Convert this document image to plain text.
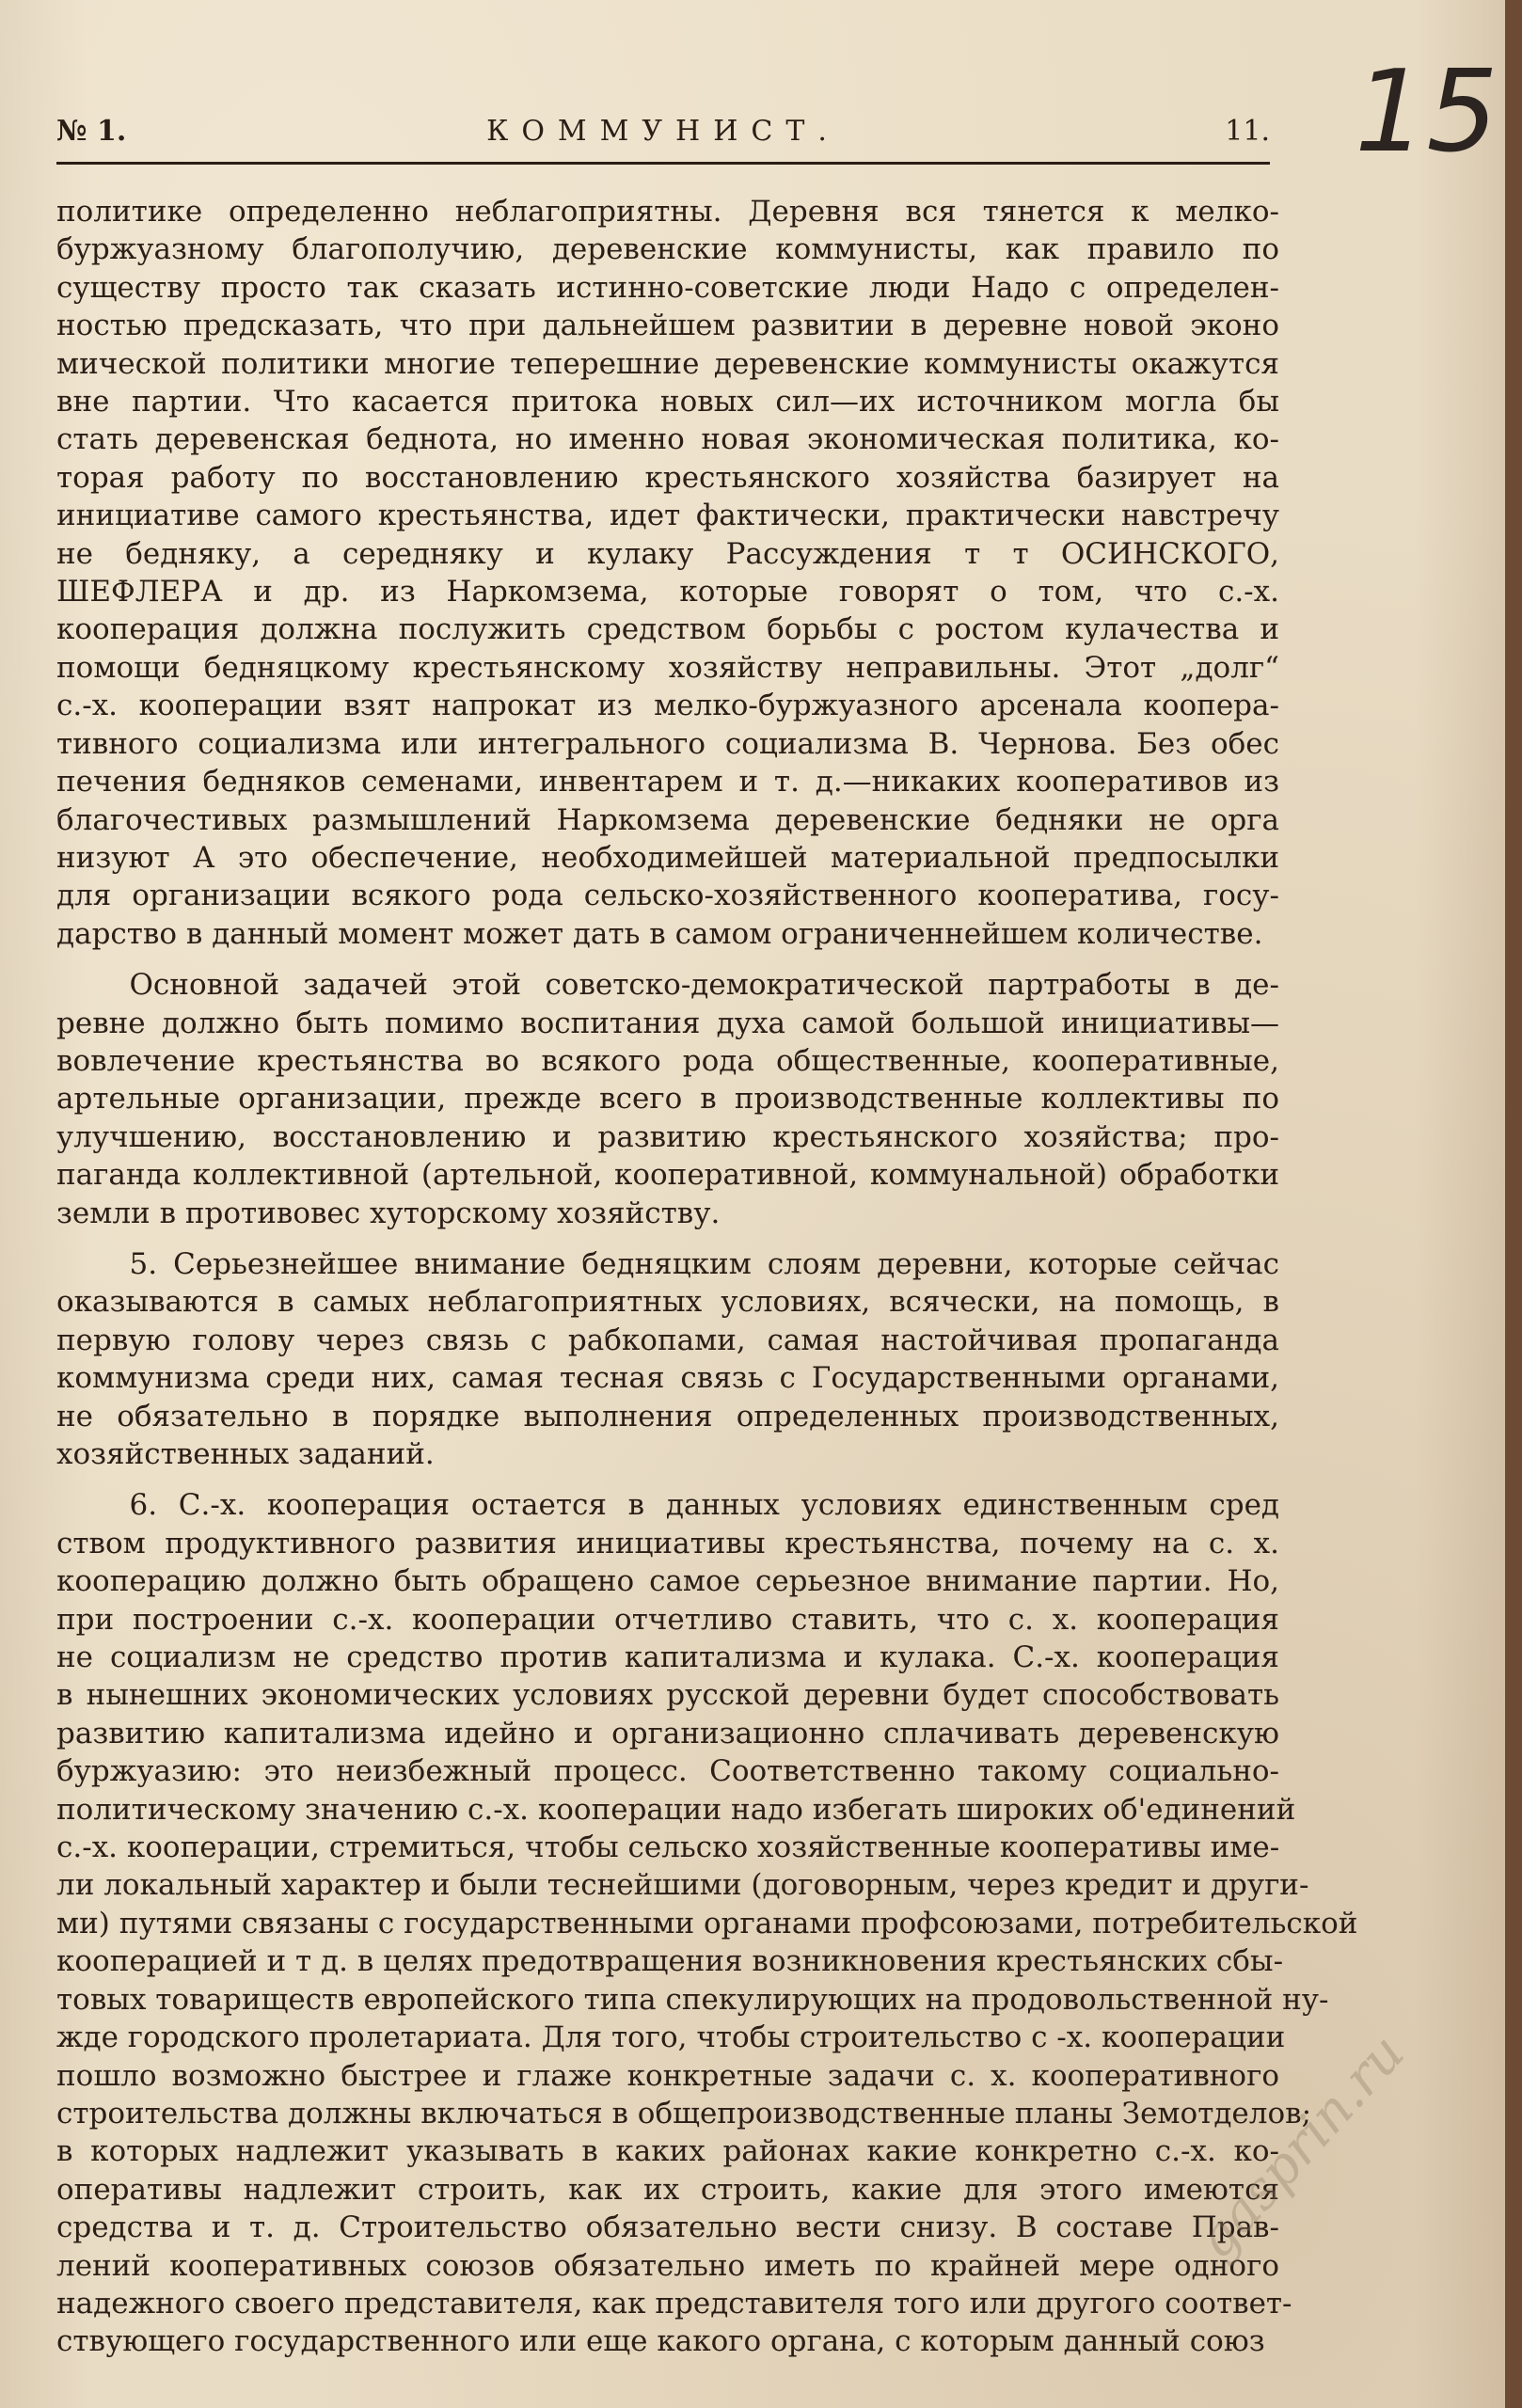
№ 1.	КОММУНИСТ.	11. 15
политике определенно неблагоприятны. Деревня вся тянется к мелко-
буржуазному благополучию, деревенские коммунисты, как правило по
существу просто так сказать истинно-советские люди Надо с определен-
ностью предсказать, что при дальнейшем развитии в деревне новой эконо
мической политики многие теперешние деревенские коммунисты окажутся
вне партии. Что касается притока новых сил—их источником могла бы
стать деревенская беднота, но именно новая экономическая политика, ко-
торая работу по восстановлению крестьянского хозяйства базирует на
инициативе самого крестьянства, идет фактически, практически навстречу
не бедняку, а середняку и кулаку Рассуждения т т ОСИНСКОГО,
ШЕФЛЕРА и др. из Наркомзема, которые говорят о том, что с.-х.
кооперация должна послужить средством борьбы с ростом кулачества и
помощи бедняцкому крестьянскому хозяйству неправильны. Этот „долг“
с.-х. кооперации взят напрокат из мелко-буржуазного арсенала коопера-
тивного социализма или интегрального социализма В. Чернова. Без обес
печения бедняков семенами, инвентарем и т. д.—никаких кооперативов из
благочестивых размышлений Наркомзема деревенские бедняки не орга
низуют А это обеспечение, необходимейшей материальной предпосылки
для организации всякого рода сельско-хозяйственного кооператива, госу-
дарство в данный момент может дать в самом ограниченнейшем количестве.
Основной задачей этой советско-демократической партработы в де-
ревне должно быть помимо воспитания духа самой большой инициативы—
вовлечение крестьянства во всякого рода общественные, кооперативные,
артельные организации, прежде всего в производственные коллективы по
улучшению, восстановлению и развитию крестьянского хозяйства; про-
паганда коллективной (артельной, кооперативной, коммунальной) обработки
земли в противовес хуторскому хозяйству.
5. Серьезнейшее внимание бедняцким слоям деревни, которые сейчас
оказываются в самых неблагоприятных условиях, всячески, на помощь, в
первую голову через связь с рабкопами, самая настойчивая пропаганда
коммунизма среди них, самая тесная связь с Государственными органами,
не обязательно в порядке выполнения определенных производственных,
хозяйственных заданий.
6. С.-х. кооперация остается в данных условиях единственным сред
ством продуктивного развития инициативы крестьянства, почему на с. х.
кооперацию должно быть обращено самое серьезное внимание партии. Но,
при построении с.-х. кооперации отчетливо ставить, что с. х. кооперация
не социализм не средство против капитализма и кулака. С.-х. кооперация
в нынешних экономических условиях русской деревни будет способствовать
развитию капитализма идейно и организационно сплачивать деревенскую
буржуазию: это неизбежный процесс. Соответственно такому социально-
политическому значению с.-х. кооперации надо избегать широких об'единений
с.-х. кооперации, стремиться, чтобы сельско хозяйственные кооперативы име-
ли локальный характер и были теснейшими (договорным, через кредит и други-
ми) путями связаны с государственными органами профсоюзами, потребительской
кооперацией и т д. в целях предотвращения возникновения крестьянских сбы-
товых товариществ европейского типа спекулирующих на продовольственной ну-
жде городского пролетариата. Для того, чтобы строительство с -х. кооперации
пошло возможно быстрее и глаже конкретные задачи с. х. кооперативного
строительства должны включаться в общепроизводственные планы Земотделов;
в которых надлежит указывать в каких районах какие конкретно с.-х. ко-
оперативы надлежит строить, как их строить, какие для этого имеются
средства и т. д. Строительство обязательно вести снизу. В составе Прав-
лений кооперативных союзов обязательно иметь по крайней мере одного
надежного своего представителя, как представителя того или другого соответ-
ствующего государственного или еще какого органа, с которым данный союз
gasprin.ru
